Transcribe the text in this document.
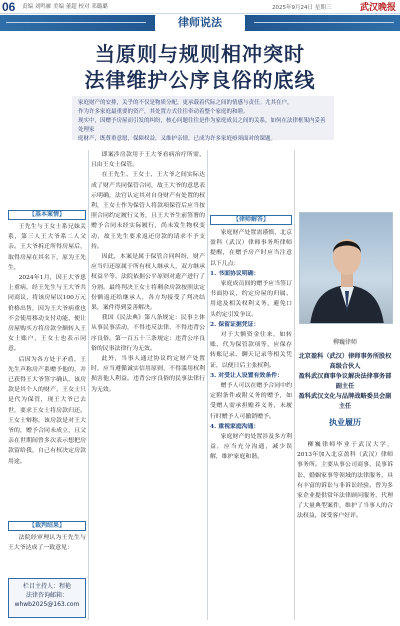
06 责编 刘鸣雁 美编 董超 校对 邓璐璐	2025年9月24日 星期三	武汉晚报
律师说法
当原则与规则相冲突时
法律维护公序良俗的底线

家庭财产的安排，关乎的不仅是物质分配，更承载着代际之间的情感与责任。尤其在户，

作为许多家庭最重要的资产，其处置方式往往牵动着整个家庭的和睦。

现实中，因赠予房屋而引发的纠纷，核心问题往往是作为家庭成员之间的关系，如何在法律框架内妥善处理家

庭财产，既尊重意愿，保障权益，又维护亲情，已成为许多家庭亟须面对的课题。

【基本案情】

王先生与王女士系兄妹关系，第三人王大爷系二人父亲。王大爷拆迁所得房屋后，取得房屋在其名下，原为王先生，

2024年1月，因王大爷患上重病，经王先生与王大爷共同商议，将该房屋以100万元价格出售，因为王大爷病重也不会使用移动支付功能，便让房屋购买方将房款全额转入王女士账户，王女士也表示同意。

后因为各方处于矛盾，王先生声称房产系赠予他的，并已获得王大爷签字确认，该房款是其个人的财产，王女士只是代为保管，现王大爷已去世，要求王女士将房款归还。王女士辩称，该房款是对王大爷的，赠予合同未成立，且父亲在世期间曾多次表示想把房款留给我，自己有权决定房款用途。

【裁判结果】

法院经审理认为王先生与王大爷达成了一致意见：

栏目主持人：程艳
法律咨询邮箱：
whwb2025@163.com

即案涉房款用于王大爷看病治疗所需，且由王女士保管。

在王先生、王女士、王大爷之间实际达成了财产共同保管合同，故王大爷的意思表示明确，法官认定其对自身财产有处置的权利，王女士作为保管人将款项保管后应当按照合同约定履行义务，且王大爷生前签署的赠予合同未经实际履行，尚未发生物权变动，故王先生要求返还房款的请求不予支持。

因此，本案是属于保管合同纠纷，财产应当归还原属于所有权人继承人，双方继承权益平等，法院依据公平原则对遗产进行了分割。最终判决王女士将剩余房款按照法定份额返还给继承人，各方均接受了判决结果，案件得到妥善解决。

我国《民法典》第八条规定：民事主体从事民事活动，不得违反法律，不得违背公序良俗。第一百五十三条规定：违背公序良俗的民事法律行为无效。

此外，当事人通过协议约定财产处置时，应当遵循诚实信用原则，不得滥用权利损害他人利益。违背公序良俗的民事法律行为无效。

【律师解答】

家庭财产处置需谨慎，北京盈科（武汉）律师事务所律师提醒，在赠予房产时应当注意以下几点：

1. 书面协议明确：

家庭成员间的赠予应当签订书面协议，约定房屋的归属、用途及相关权利义务，避免口头约定引发争议。

2. 保留证据凭证：

对于大额资金往来，如转账、代为保管款项等，应保存转账记录、聊天记录等相关凭证，以便日后主张权利。

3. 对受让人设置有效条件：

赠予人可以在赠予合同中约定附条件或附义务的赠予，如受赠人需承担赡养义务，未履行时赠予人可撤销赠予。

4. 重视家庭沟通：

家庭财产的处置涉及多方利益，应当充分沟通，减少误解，维护家庭和谐。

柳巍律师
北京盈科（武汉）律师事务所股权高级合伙人
盈科武汉商事争议解决法律事务部副主任
盈科武汉文化与品牌战略委员会副主任
执业履历

柳巍律师毕业于武汉大学，2013年加入北京盈科（武汉）律师事务所。主要从事公司商事、民事诉讼、婚姻家事等领域的法律服务，具有丰富的诉讼与非诉讼经验。曾为多家企业提供常年法律顾问服务，代理了大量典型案件，维护了当事人的合法权益，深受客户好评。
